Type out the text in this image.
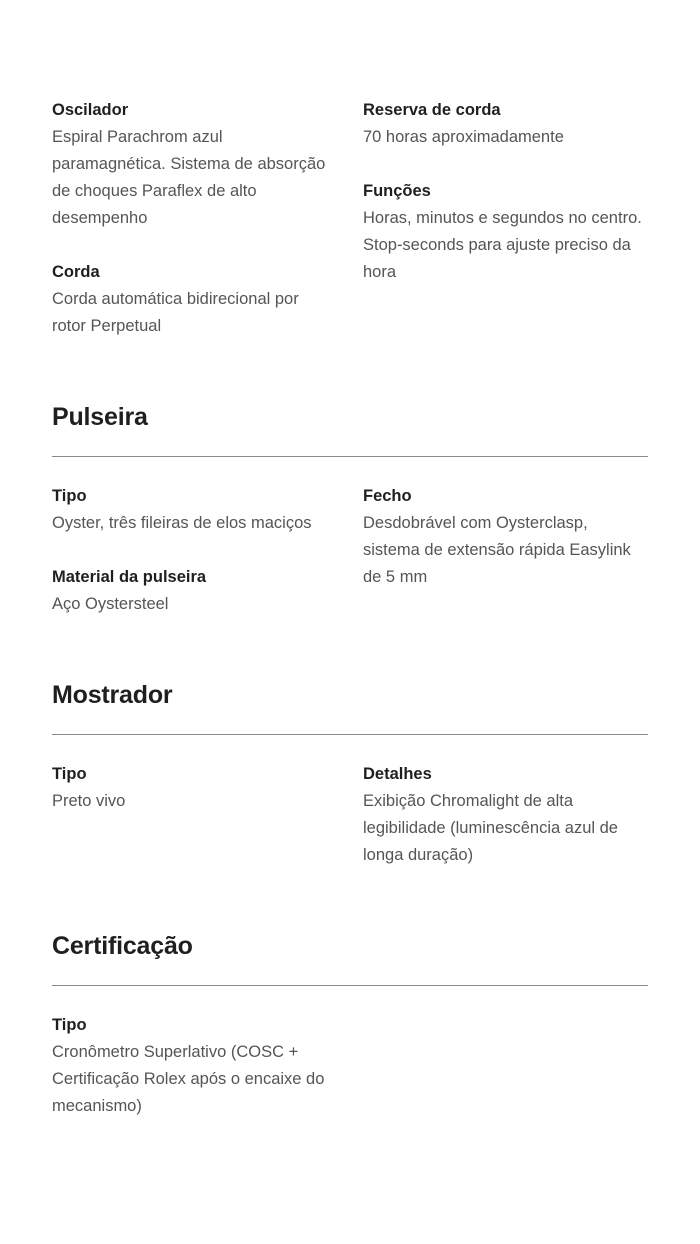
Oscilador
Espiral Parachrom azul paramagnética. Sistema de absorção de choques Paraflex de alto desempenho
Corda
Corda automática bidirecional por rotor Perpetual
Reserva de corda
70 horas aproximadamente
Funções
Horas, minutos e segundos no centro. Stop-seconds para ajuste preciso da hora
Pulseira
Tipo
Oyster, três fileiras de elos maciços
Material da pulseira
Aço Oystersteel
Fecho
Desdobrável com Oysterclasp, sistema de extensão rápida Easylink de 5 mm
Mostrador
Tipo
Preto vivo
Detalhes
Exibição Chromalight de alta legibilidade (luminescência azul de longa duração)
Certificação
Tipo
Cronômetro Superlativo (COSC + Certificação Rolex após o encaixe do mecanismo)
